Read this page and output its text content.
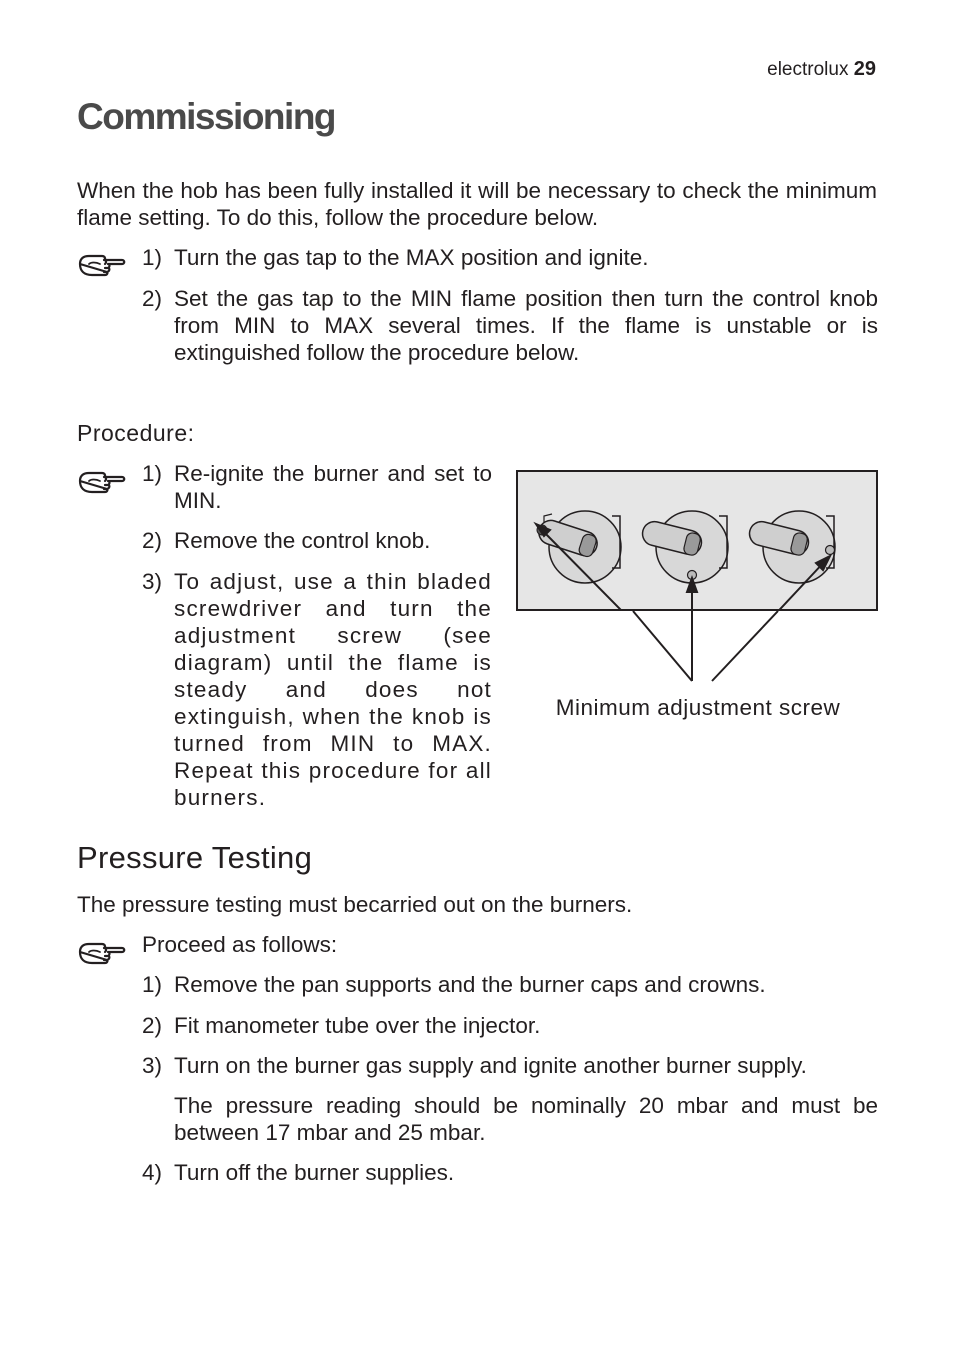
electrolux 29
Commissioning

When the hob has been fully installed it will be necessary to check the minimum flame setting. To do this, follow the procedure below.

1) Turn the gas tap to the MAX position and ignite.
2) Set the gas tap to the MIN flame position then turn the control knob from MIN to MAX several times. If the flame is unstable or is extinguished follow the procedure below.
Procedure:
1) Re-ignite the burner and set to MIN.
2) Remove the control knob.
3) To adjust, use a thin bladed screwdriver and turn the adjustment screw (see diagram) until the flame is steady and does not extinguish, when the knob is turned from MIN to MAX. Repeat this procedure for all burners.
Minimum adjustment screw
Pressure Testing

The pressure testing must becarried out on the burners.

Proceed as follows:
1) Remove the pan supports and the burner caps and crowns.
2) Fit manometer tube over the injector.
3) Turn on the burner gas supply and ignite another burner supply.
The pressure reading should be nominally 20 mbar and must be between 17 mbar and 25 mbar.
4) Turn off the burner supplies.
